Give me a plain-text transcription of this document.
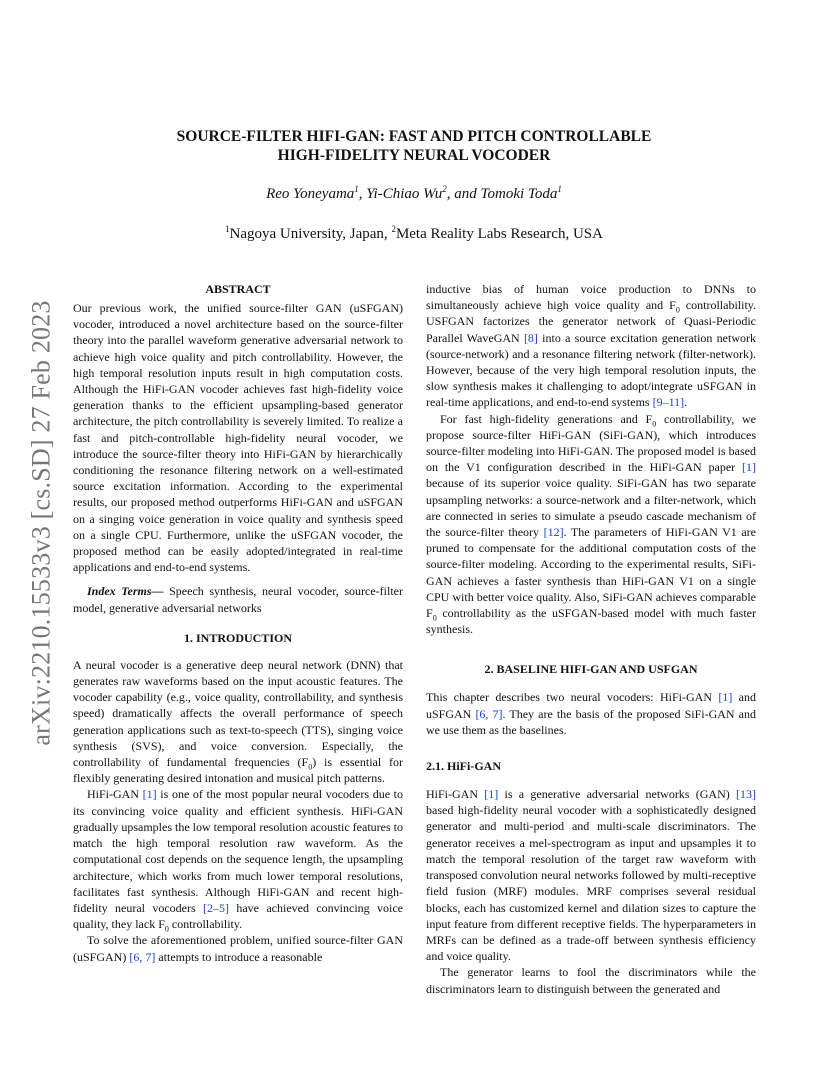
arXiv:2210.15533v3 [cs.SD] 27 Feb 2023
SOURCE-FILTER HIFI-GAN: FAST AND PITCH CONTROLLABLE
HIGH-FIDELITY NEURAL VOCODER
Reo Yoneyama$^1$, Yi-Chiao Wu$^2$, and Tomoki Toda$^1$
$^1$Nagoya University, Japan, $^2$Meta Reality Labs Research, USA
ABSTRACT

Our previous work, the unified source-filter GAN (uSFGAN) vocoder, introduced a novel architecture based on the source-filter theory into the parallel waveform generative adversarial network to achieve high voice quality and pitch controllability. However, the high temporal resolution inputs result in high computation costs. Although the HiFi-GAN vocoder achieves fast high-fidelity voice generation thanks to the efficient upsampling-based generator architecture, the pitch controllability is severely limited. To realize a fast and pitch-controllable high-fidelity neural vocoder, we introduce the source-filter theory into HiFi-GAN by hierarchically conditioning the resonance filtering network on a well-estimated source excitation information. According to the experimental results, our proposed method outperforms HiFi-GAN and uSFGAN on a singing voice generation in voice quality and synthesis speed on a single CPU. Furthermore, unlike the uSFGAN vocoder, the proposed method can be easily adopted/integrated in real-time applications and end-to-end systems.

Index Terms— Speech synthesis, neural vocoder, source-filter model, generative adversarial networks

1. INTRODUCTION

A neural vocoder is a generative deep neural network (DNN) that generates raw waveforms based on the input acoustic features. The vocoder capability (e.g., voice quality, controllability, and synthesis speed) dramatically affects the overall performance of speech generation applications such as text-to-speech (TTS), singing voice synthesis (SVS), and voice conversion. Especially, the controllability of fundamental frequencies $(F_0)$ is essential for flexibly generating desired intonation and musical pitch patterns.

HiFi-GAN [1] is one of the most popular neural vocoders due to its convincing voice quality and efficient synthesis. HiFi-GAN gradually upsamples the low temporal resolution acoustic features to match the high temporal resolution raw waveform. As the computational cost depends on the sequence length, the upsampling architecture, which works from much lower temporal resolutions, facilitates fast synthesis. Although HiFi-GAN and recent high-fidelity neural vocoders [2–5] have achieved convincing voice quality, they lack $F_0$ controllability.

To solve the aforementioned problem, unified source-filter GAN (uSFGAN) [6, 7] attempts to introduce a reasonable

inductive bias of human voice production to DNNs to simultaneously achieve high voice quality and $F_0$ controllability. USFGAN factorizes the generator network of Quasi-Periodic Parallel WaveGAN [8] into a source excitation generation network (source-network) and a resonance filtering network (filter-network). However, because of the very high temporal resolution inputs, the slow synthesis makes it challenging to adopt/integrate uSFGAN in real-time applications, and end-to-end systems [9–11].

For fast high-fidelity generations and $F_0$ controllability, we propose source-filter HiFi-GAN (SiFi-GAN), which introduces source-filter modeling into HiFi-GAN. The proposed model is based on the V1 configuration described in the HiFi-GAN paper [1] because of its superior voice quality. SiFi-GAN has two separate upsampling networks: a source-network and a filter-network, which are connected in series to simulate a pseudo cascade mechanism of the source-filter theory [12]. The parameters of HiFi-GAN V1 are pruned to compensate for the additional computation costs of the source-filter modeling. According to the experimental results, SiFi-GAN achieves a faster synthesis than HiFi-GAN V1 on a single CPU with better voice quality. Also, SiFi-GAN achieves comparable $F_0$ controllability as the uSFGAN-based model with much faster synthesis.

2. BASELINE HIFI-GAN AND USFGAN

This chapter describes two neural vocoders: HiFi-GAN [1] and uSFGAN [6, 7]. They are the basis of the proposed SiFi-GAN and we use them as the baselines.

2.1. HiFi-GAN

HiFi-GAN [1] is a generative adversarial networks (GAN) [13] based high-fidelity neural vocoder with a sophisticatedly designed generator and multi-period and multi-scale discriminators. The generator receives a mel-spectrogram as input and upsamples it to match the temporal resolution of the target raw waveform with transposed convolution neural networks followed by multi-receptive field fusion (MRF) modules. MRF comprises several residual blocks, each has customized kernel and dilation sizes to capture the input feature from different receptive fields. The hyperparameters in MRFs can be defined as a trade-off between synthesis efficiency and voice quality.

The generator learns to fool the discriminators while the discriminators learn to distinguish between the generated and
